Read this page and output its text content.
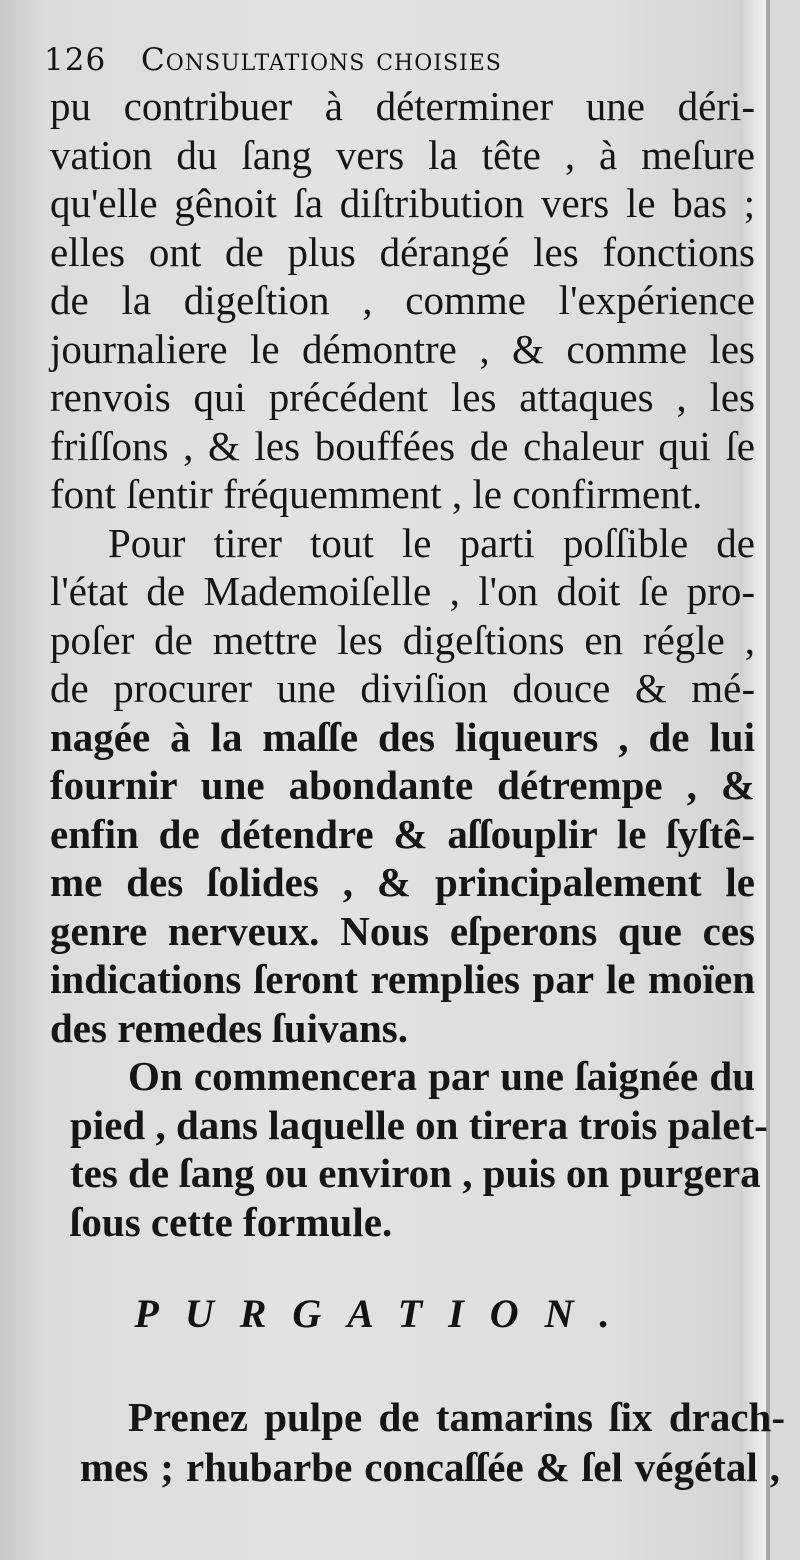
126 Consultations choisies

pu contribuer à déterminer une déri-
vation du ſang vers la tête , à meſure
qu'elle gênoit ſa diſtribution vers le bas ;
elles ont de plus dérangé les fonctions
de la digeſtion , comme l'expérience
journaliere le démontre , & comme les
renvois qui précédent les attaques , les
friſſons , & les bouffées de chaleur qui ſe
font ſentir fréquemment , le confirment.

Pour tirer tout le parti poſſible de
l'état de Mademoiſelle , l'on doit ſe pro-
poſer de mettre les digeſtions en régle ,
de procurer une diviſion douce & mé-
nagée à la maſſe des liqueurs , de lui
fournir une abondante détrempe , &
enfin de détendre & aſſouplir le ſyſtê-
me des ſolides , & principalement le
genre nerveux. Nous eſperons que ces
indications ſeront remplies par le moïen
des remedes ſuivans.

On commencera par une ſaignée du
pied , dans laquelle on tirera trois palet-
tes de ſang ou environ , puis on purgera
ſous cette formule.

PURGATION.
Prenez pulpe de tamarins ſix drach-
mes ; rhubarbe concaſſée & ſel végétal ,
